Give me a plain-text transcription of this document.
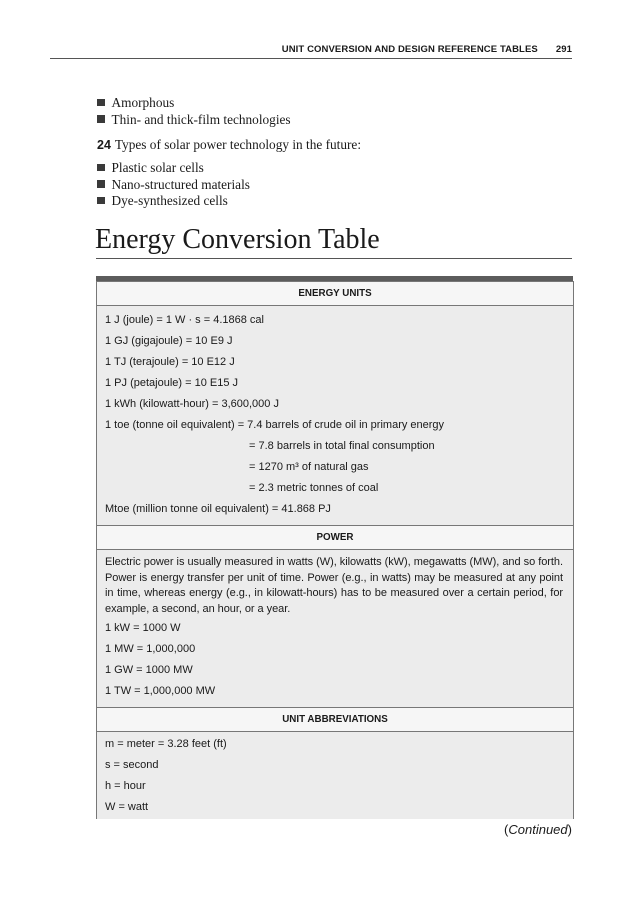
UNIT CONVERSION AND DESIGN REFERENCE TABLES 291
Amorphous
Thin- and thick-film technologies
24 Types of solar power technology in the future:
Plastic solar cells
Nano-structured materials
Dye-synthesized cells
Energy Conversion Table
ENERGY UNITS
1 J (joule) = 1 W · s = 4.1868 cal
1 GJ (gigajoule) = 10 E9 J
1 TJ (terajoule) = 10 E12 J
1 PJ (petajoule) = 10 E15 J
1 kWh (kilowatt-hour) = 3,600,000 J
1 toe (tonne oil equivalent) = 7.4 barrels of crude oil in primary energy
= 7.8 barrels in total final consumption
= 1270 m³ of natural gas
= 2.3 metric tonnes of coal
Mtoe (million tonne oil equivalent) = 41.868 PJ
POWER
Electric power is usually measured in watts (W), kilowatts (kW), megawatts (MW), and so forth. Power is energy transfer per unit of time. Power (e.g., in watts) may be measured at any point in time, whereas energy (e.g., in kilowatt-hours) has to be measured over a certain period, for example, a second, an hour, or a year.
1 kW = 1000 W
1 MW = 1,000,000
1 GW = 1000 MW
1 TW = 1,000,000 MW
UNIT ABBREVIATIONS
m = meter = 3.28 feet (ft)
s = second
h = hour
W = watt
(Continued)
